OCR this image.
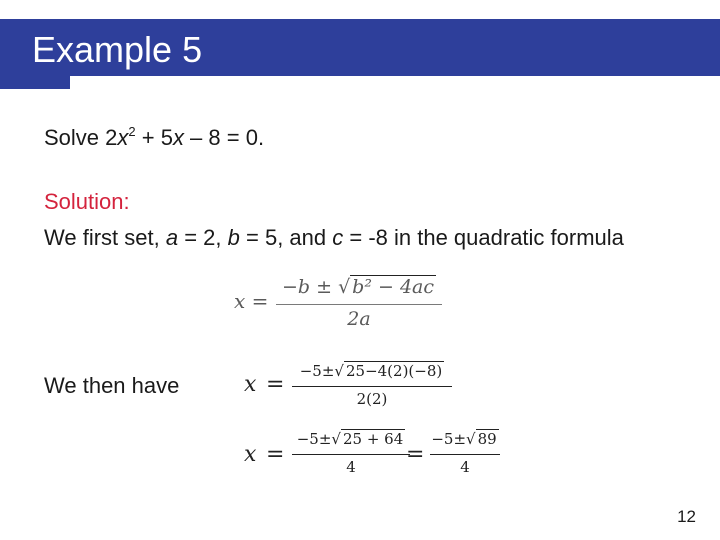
Example 5
Solve $2x^2 + 5x - 8 = 0$.
Solution:
We first set, a = 2, b = 5, and c = -8 in the quadratic formula
x =
−b ± √ b² − 4ac
2a
We then have	x =
−5±√ 25−4(2)(−8)
2(2)
x =
−5±√ 25 + 64
4	=
−5±√ 89
4
12
